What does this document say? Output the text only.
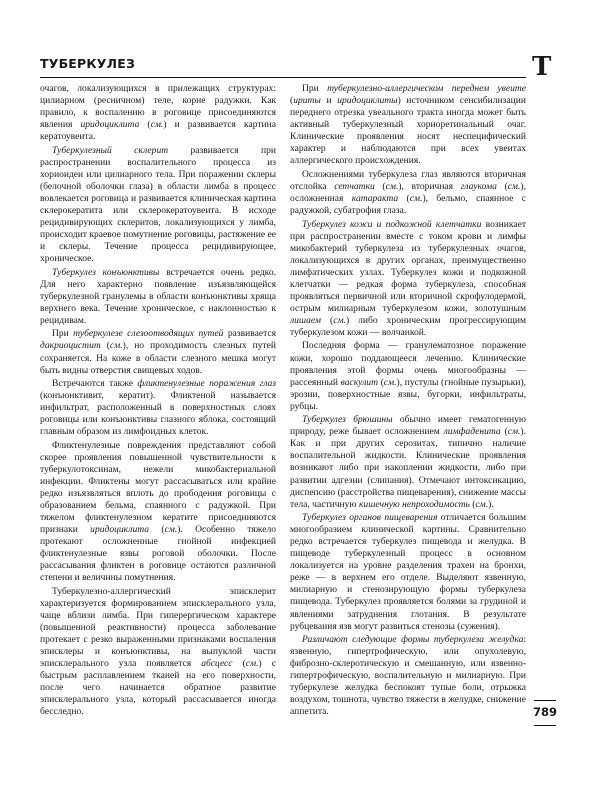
ТУБЕРКУЛЕЗ	Т

очагов, локализующихся в прилежащих структурах: цилиарном (ресничном) теле, корне радужки. Как правило, к воспалению в роговице присоединяются явления иридоциклита (см.) и развивается картина кератоувеита.

Туберкулезный склерит развивается при распространении воспалительного процесса из хориоидеи или цилиарного тела. При поражении склеры (белочной оболочки глаза) в области лимба в процесс вовлекается роговица и развивается клиническая картина склерокератита или склерокератоувеита. В исходе рецидивирующих склеритов, локализующихся у лимба, происходит краевое помутнение роговицы, растяжение ее и склеры. Течение процесса рецидивирующее, хроническое.

Туберкулез конъюнктивы встречается очень редко. Для него характерно появление изъязвляющейся туберкулезной гранулемы в области конъюнктивы хряща верхнего века. Течение хроническое, с наклонностью к рецидивам.

При туберкулезе слезоотводящих путей развивается дакриоцистит (см.), но проходимость слезных путей сохраняется. На коже в области слезного мешка могут быть видны отверстия свищевых ходов.

Встречаются также фликтенулезные поражения глаз (конъюнктивит, кератит). Фликтеной называется инфильтрат, расположенный в поверхностных слоях роговицы или конъюнктивы глазного яблока, состоящий главным образом из лимфоидных клеток.

Фликтенулезные повреждения представляют собой скорее проявления повышенной чувствительности к туберкулотоксинам, нежели микобактериальной инфекции. Фликтены могут рассасываться или крайне редко изъязвляться вплоть до прободения роговицы с образованием бельма, спаянного с радужкой. При тяжелом фликтенулезном кератите присоединяются признаки иридоциклита (см.). Особенно тяжело протекают осложненные гнойной инфекцией фликтенулезные язвы роговой оболочки. После рассасывания фликтен в роговице остаются различной степени и величины помутнения.

Туберкулезно-аллергический эписклерит характеризуется формированием эписклерального узла, чаще вблизи лимба. При гиперергическом характере (повышенной реактивности) процесса заболевание протекает с резко выраженными признаками воспаления эписклеры и конъюнктивы, на выпуклой части эписклерального узла появляется абсцесс (см.) с быстрым расплавлением тканей на его поверхности, после чего начинается обратное развитие эписклерального узла, который рассасывается иногда бесследно.

При туберкулезно-аллергическом переднем увеите (ириты и иридоциклиты) источником сенсибилизации переднего отрезка увеального тракта иногда может быть активный туберкулезный хориоретинальный очаг. Клинические проявления носят неспецифический характер и наблюдаются при всех увеитах аллергического происхождения.

Осложнениями туберкулеза глаз являются вторичная отслойка сетчатки (см.), вторичная глаукома (см.), осложненная катаракта (см.), бельмо, спаянное с радужкой, субатрофия глаза.

Туберкулез кожи и подкожной клетчатки возникает при распространении вместе с током крови и лимфы микобактерий туберкулеза из туберкулезных очагов, локализующихся в других органах, преимущественно лимфатических узлах. Туберкулез кожи и подкожной клетчатки — редкая форма туберкулеза, способная проявляться первичной или вторичной скрофулодермой, острым милиарным туберкулезом кожи, золотушным лишаем (см.) либо хроническим прогрессирующим туберкулезом кожи — волчанкой.

Последняя форма — гранулематозное поражение кожи, хорошо поддающееся лечению. Клинические проявления этой формы очень многообразны — рассеянный васкулит (см.), пустулы (гнойные пузырьки), эрозии, поверхностные язвы, бугорки, инфильтраты, рубцы.

Туберкулез брюшины обычно имеет гематогенную природу, реже бывает осложнением лимфаденита (см.). Как и при других серозитах, типично наличие воспалительной жидкости. Клинические проявления возникают либо при накоплении жидкости, либо при развитии адгезии (слипания). Отмечают интоксикацию, диспепсию (расстройства пищеварения), снижение массы тела, частичную кишечную непроходимость (см.).

Туберкулез органов пищеварения отличается большим многообразием клинической картины. Сравнительно редко встречается туберкулез пищевода и желудка. В пищеводе туберкулезный процесс в основном локализуется на уровне разделения трахеи на бронхи, реже — в верхнем его отделе. Выделяют язвенную, милиарную и стенозирующую формы туберкулеза пищевода. Туберкулез проявляется болями за грудиной и явлениями затруднения глотания. В результате рубцевания язв могут развиться стенозы (сужения).

Различают следующие формы туберкулеза желудка: язвенную, гипертрофическую, или опухолевую, фиброзно-склеротическую и смешанную, или язвенно-гипертрофическую, воспалительную и милиарную. При туберкулезе желудка беспокоят тупые боли, отрыжка воздухом, тошнота, чувство тяжести в желудке, снижение аппетита.	789
